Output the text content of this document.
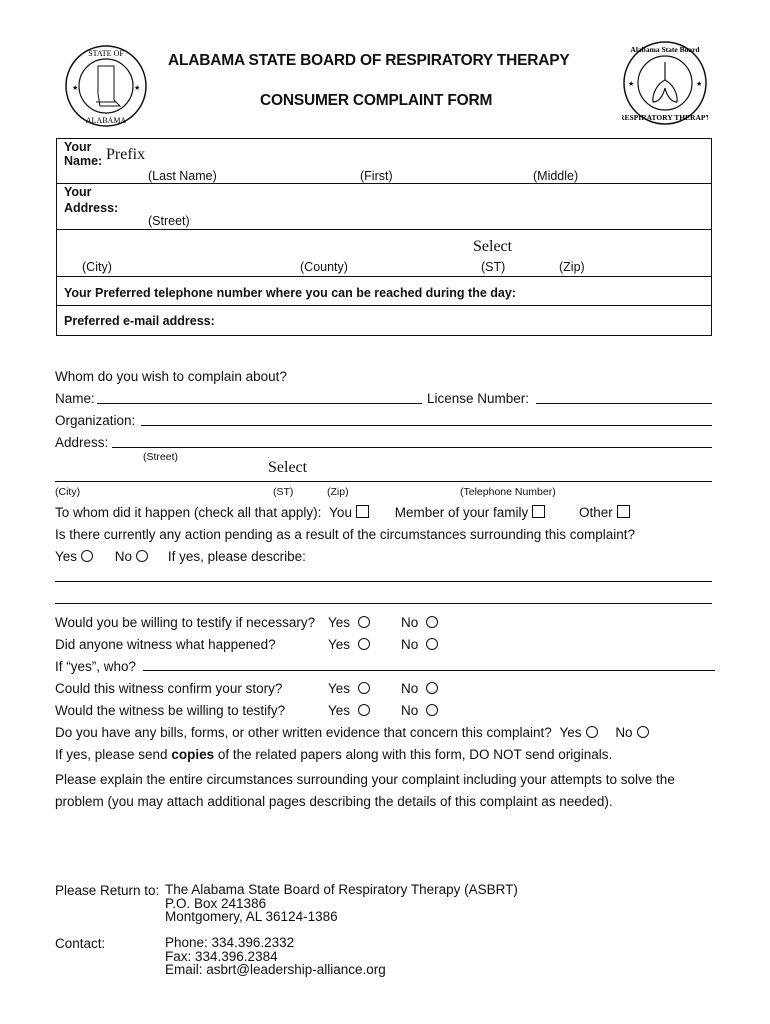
STATE OF
ALABAMA
★	★
Alabama State Board
RESPIRATORY THERAPY
★	★
ALABAMA STATE BOARD OF RESPIRATORY THERAPY
CONSUMER COMPLAINT FORM
Your
Name: Prefix
(Last Name)	(First)	(Middle)
Your
Address:
(Street)
Select
(City)	(County)	(ST)	(Zip)
Your Preferred telephone number where you can be reached during the day:
Preferred e-mail address:
Whom do you wish to complain about?
Name:	License Number:
Organization:
Address:
(Street)
Select
(City)	(ST)	(Zip)	(Telephone Number)
To whom did it happen (check all that apply): You	Member of your family	Other
Is there currently any action pending as a result of the circumstances surrounding this complaint?
Yes	No	If yes, please describe:
Would you be willing to testify if necessary? Yes	No
Did anyone witness what happened?	Yes	No
If “yes”, who?
Could this witness confirm your story?	Yes	No
Would the witness be willing to testify?	Yes	No
Do you have any bills, forms, or other written evidence that concern this complaint? Yes	No
If yes, please send copies of the related papers along with this form, DO NOT send originals.
Please explain the entire circumstances surrounding your complaint including your attempts to solve the
problem (you may attach additional pages describing the details of this complaint as needed).
Please Return to: The Alabama State Board of Respiratory Therapy (ASBRT)
P.O. Box 241386
Montgomery, AL 36124-1386
Contact:	Phone: 334.396.2332
Fax: 334.396.2384
Email: asbrt@leadership-alliance.org
